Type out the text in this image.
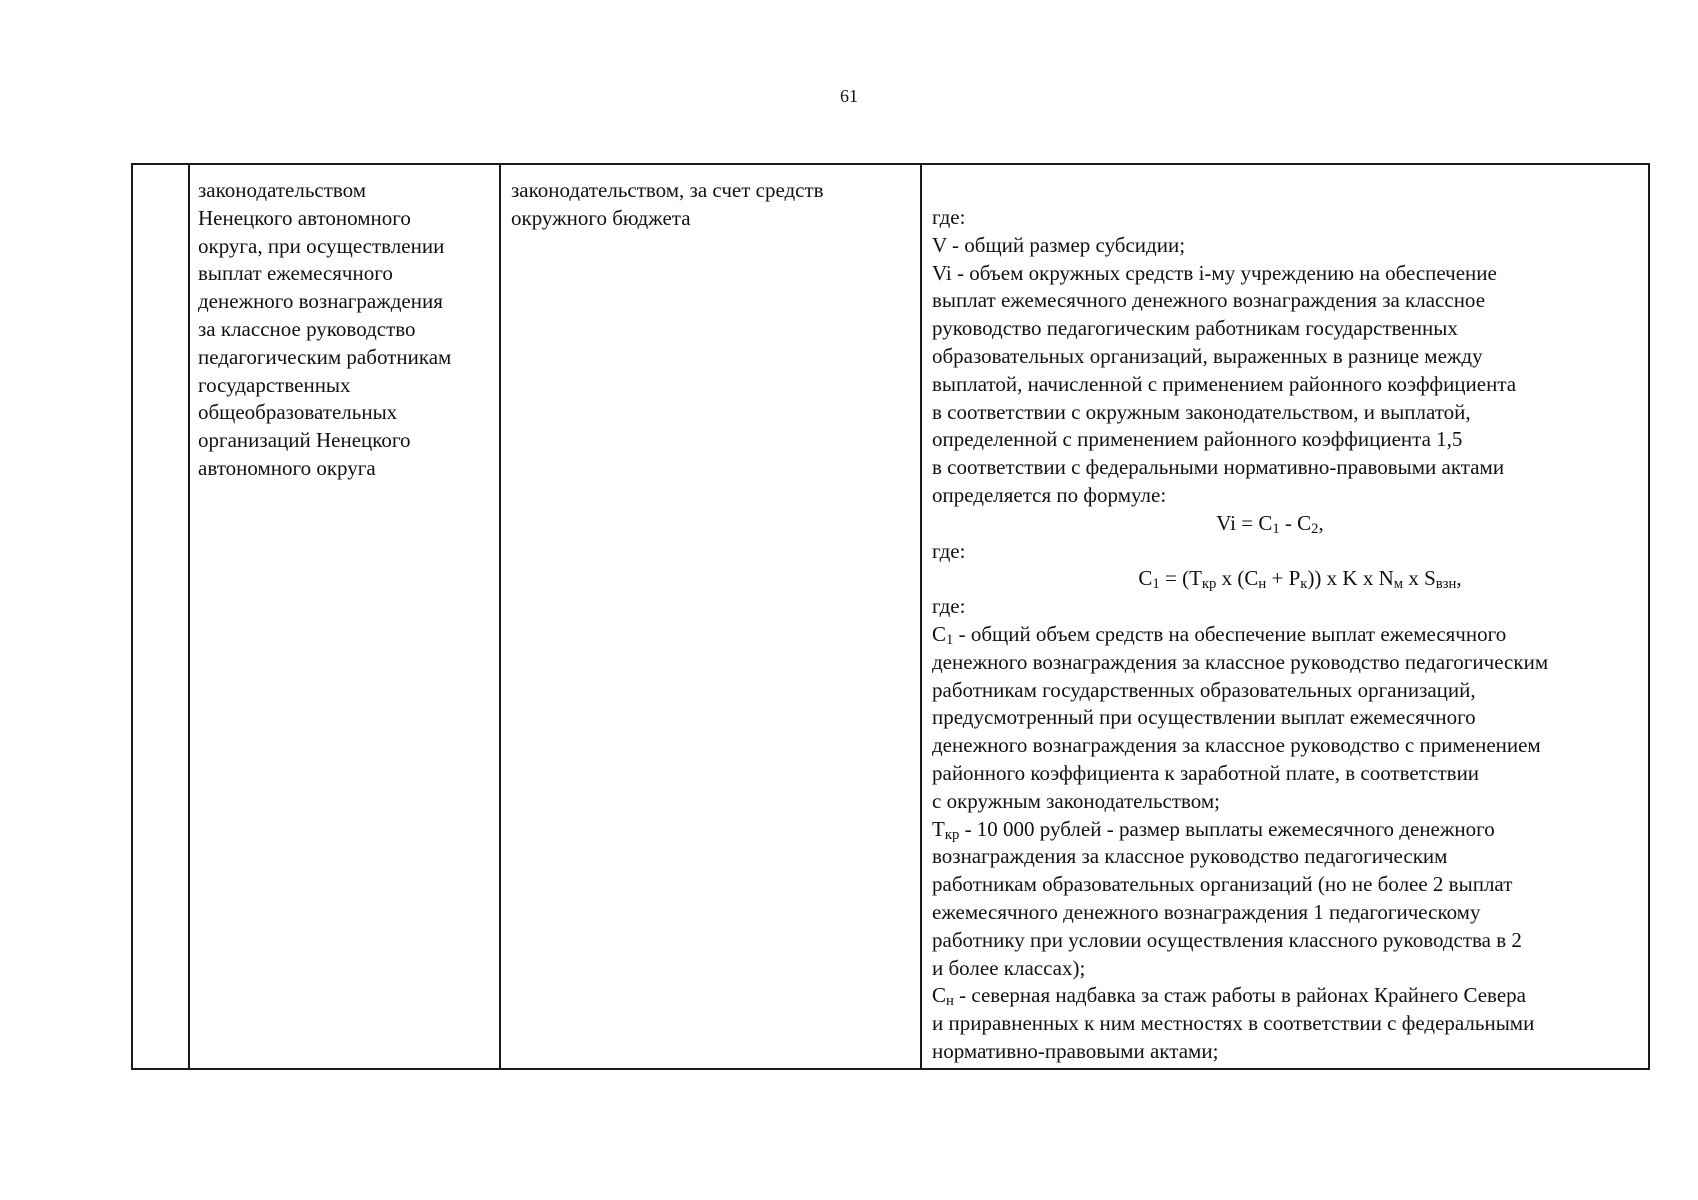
61
законодательством
Ненецкого автономного
округа, при осуществлении
выплат ежемесячного
денежного вознаграждения
за классное руководство
педагогическим работникам
государственных
общеобразовательных
организаций Ненецкого
автономного округа
законодательством, за счет средств
окружного бюджета	где:
V - общий размер субсидии;
Vi - объем окружных средств i-му учреждению на обеспечение
выплат ежемесячного денежного вознаграждения за классное
руководство педагогическим работникам государственных
образовательных организаций, выраженных в разнице между
выплатой, начисленной с применением районного коэффициента
в соответствии с окружным законодательством, и выплатой,
определенной с применением районного коэффициента 1,5
в соответствии с федеральными нормативно-правовыми актами
определяется по формуле:
$Vi = C_1 - C_2$,
где:
$C_1 = (T_{кр}$ x $(C_н + P_к)$) x K x $N_м$ x $S_{взн}$,
где:
$C_1$ - общий объем средств на обеспечение выплат ежемесячного
денежного вознаграждения за классное руководство педагогическим
работникам государственных образовательных организаций,
предусмотренный при осуществлении выплат ежемесячного
денежного вознаграждения за классное руководство с применением
районного коэффициента к заработной плате, в соответствии
с окружным законодательством;
$T_{кр} - 10$ 000 рублей - размер выплаты ежемесячного денежного
вознаграждения за классное руководство педагогическим
работникам образовательных организаций (но не более 2 выплат
ежемесячного денежного вознаграждения 1 педагогическому
работнику при условии осуществления классного руководства в 2
и более классах);
$C_н$ - северная надбавка за стаж работы в районах Крайнего Севера
и приравненных к ним местностях в соответствии с федеральными
нормативно-правовыми актами;
